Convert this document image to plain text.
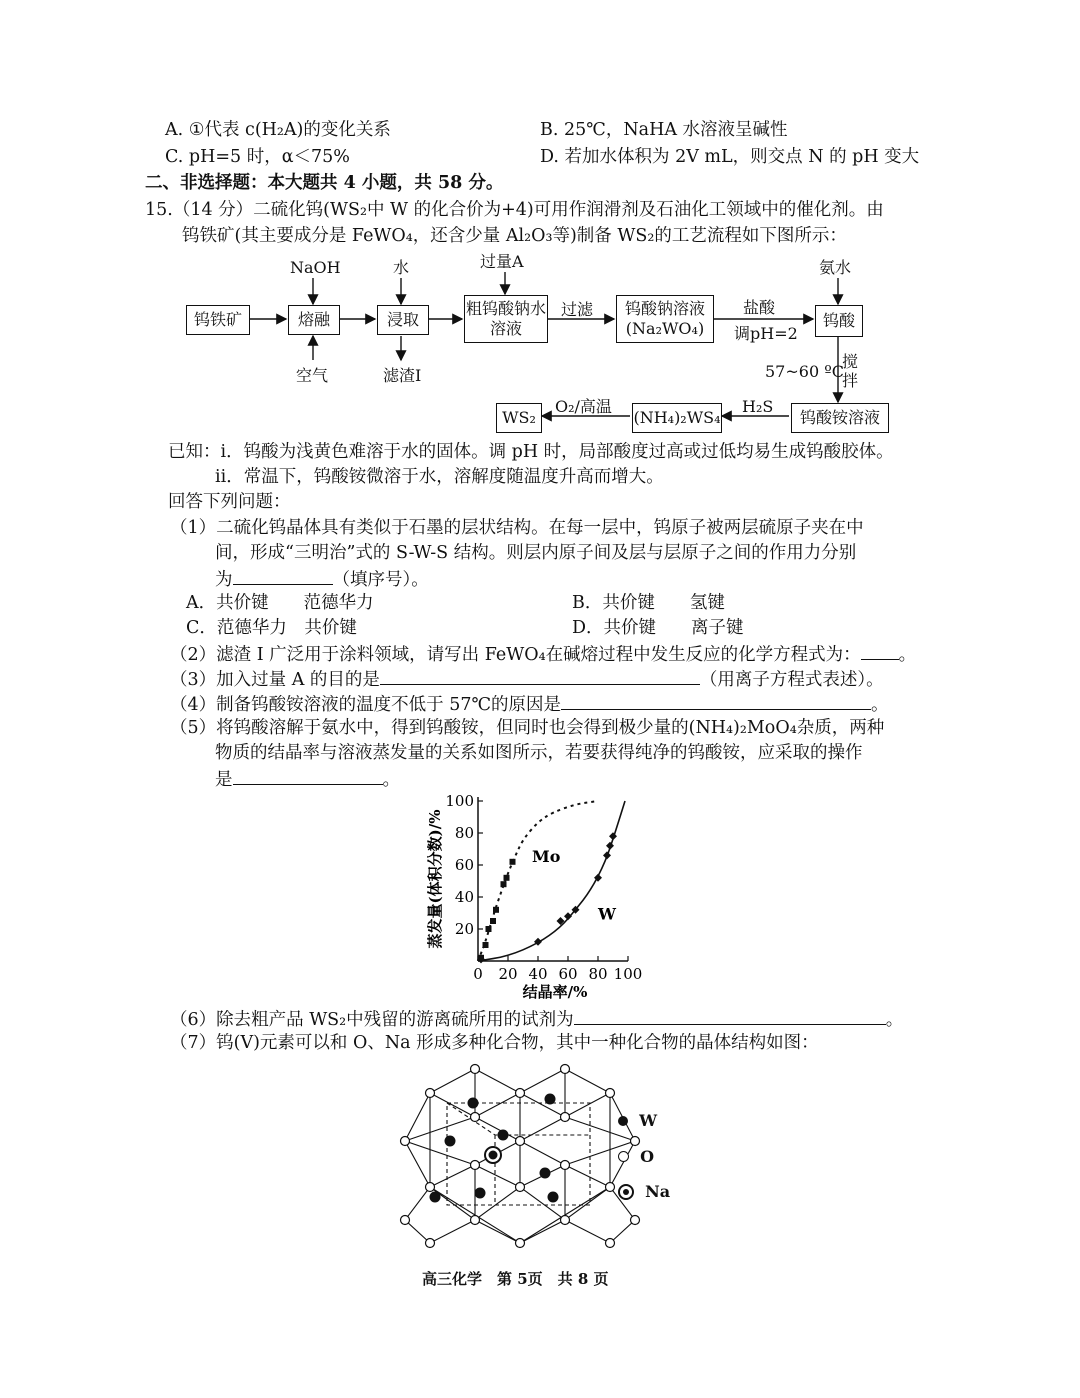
A. ①代表 c(H₂A)的变化关系	B. 25℃，NaHA 水溶液呈碱性
C. pH=5 时，α＜75%	D. 若加水体积为 2V mL，则交点 N 的 pH 变大
二、非选择题：本大题共 4 小题，共 58 分。
15.（14 分）二硫化钨(WS₂中 W 的化合价为+4)可用作润滑剂及石油化工领域中的催化剂。由
钨铁矿(其主要成分是 FeWO₄，还含少量 Al₂O₃等)制备 WS₂的工艺流程如下图所示：
钨铁矿	熔融	浸取
粗钨酸钠水溶液
钨酸钠溶液(Na₂WO₄)	钨酸
钨酸铵溶液
(NH₄)₂WS₄
WS₂
NaOH	水
空气	滤渣I
过量A
过滤	盐酸
调pH=2
氨水
57~60 ºC
搅拌
H₂S
O₂/高温
已知：i．钨酸为浅黄色难溶于水的固体。调 pH 时，局部酸度过高或过低均易生成钨酸胶体。
ii．常温下，钨酸铵微溶于水，溶解度随温度升高而增大。
回答下列问题：
（1）二硫化钨晶体具有类似于石墨的层状结构。在每一层中，钨原子被两层硫原子夹在中
间，形成“三明治”式的 S-W-S 结构。则层内原子间及层与层原子之间的作用力分别
为	（填序号）。
A．共价键　　范德华力	B．共价键　　氢键
C．范德华力　共价键	D．共价键　　离子键
（2）滤渣 I 广泛用于涂料领域，请写出 FeWO₄在碱熔过程中发生反应的化学方程式为： 。
（3）加入过量 A 的目的是	（用离子方程式表述）。
（4）制备钨酸铵溶液的温度不低于 57℃的原因是	。
（5）将钨酸溶解于氨水中，得到钨酸铵，但同时也会得到极少量的(NH₄)₂MoO₄杂质，两种
物质的结晶率与溶液蒸发量的关系如图所示，若要获得纯净的钨酸铵，应采取的操作
是	。
20
40
60
80
100
0 20 40 60 80 100
Mo
W
蒸发量(体积分数)/%
结晶率/%
（6）除去粗产品 WS₂中残留的游离硫所用的试剂为	。
（7）钨(V)元素可以和 O、Na 形成多种化合物，其中一种化合物的晶体结构如图：
W
O
Na
高三化学　第 5页　共 8 页
